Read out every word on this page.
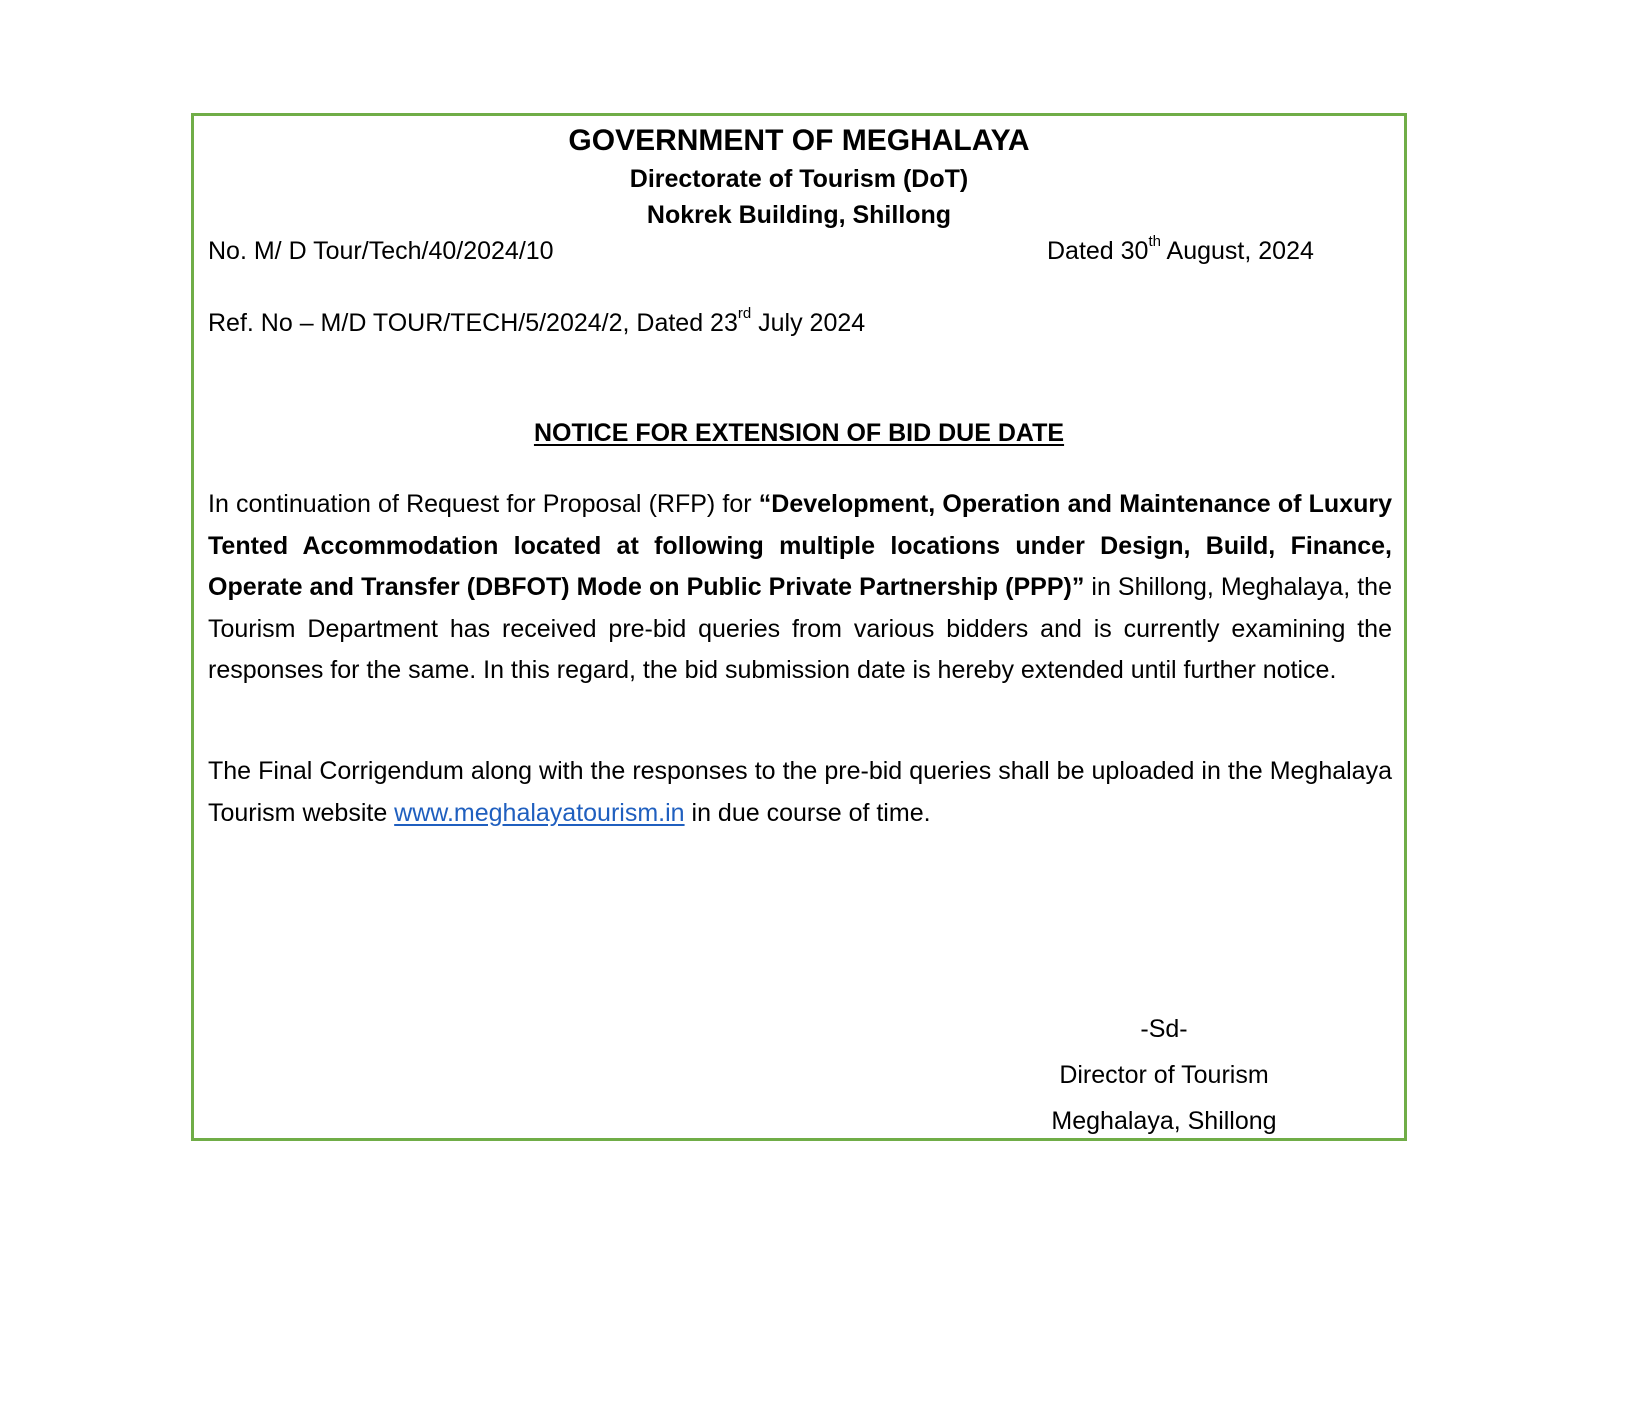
GOVERNMENT OF MEGHALAYA
Directorate of Tourism (DoT)
Nokrek Building, Shillong
No. M/ D Tour/Tech/40/2024/10	Dated 30th August, 2024
Ref. No – M/D TOUR/TECH/5/2024/2, Dated 23rd July 2024
NOTICE FOR EXTENSION OF BID DUE DATE
In continuation of Request for Proposal (RFP) for “Development, Operation and Maintenance of Luxury Tented Accommodation located at following multiple locations under Design, Build, Finance, Operate and Transfer (DBFOT) Mode on Public Private Partnership (PPP)” in Shillong, Meghalaya, the Tourism Department has received pre-bid queries from various bidders and is currently examining the responses for the same. In this regard, the bid submission date is hereby extended until further notice.
The Final Corrigendum along with the responses to the pre-bid queries shall be uploaded in the Meghalaya Tourism website www.meghalayatourism.in in due course of time.
-Sd-
Director of Tourism
Meghalaya, Shillong
